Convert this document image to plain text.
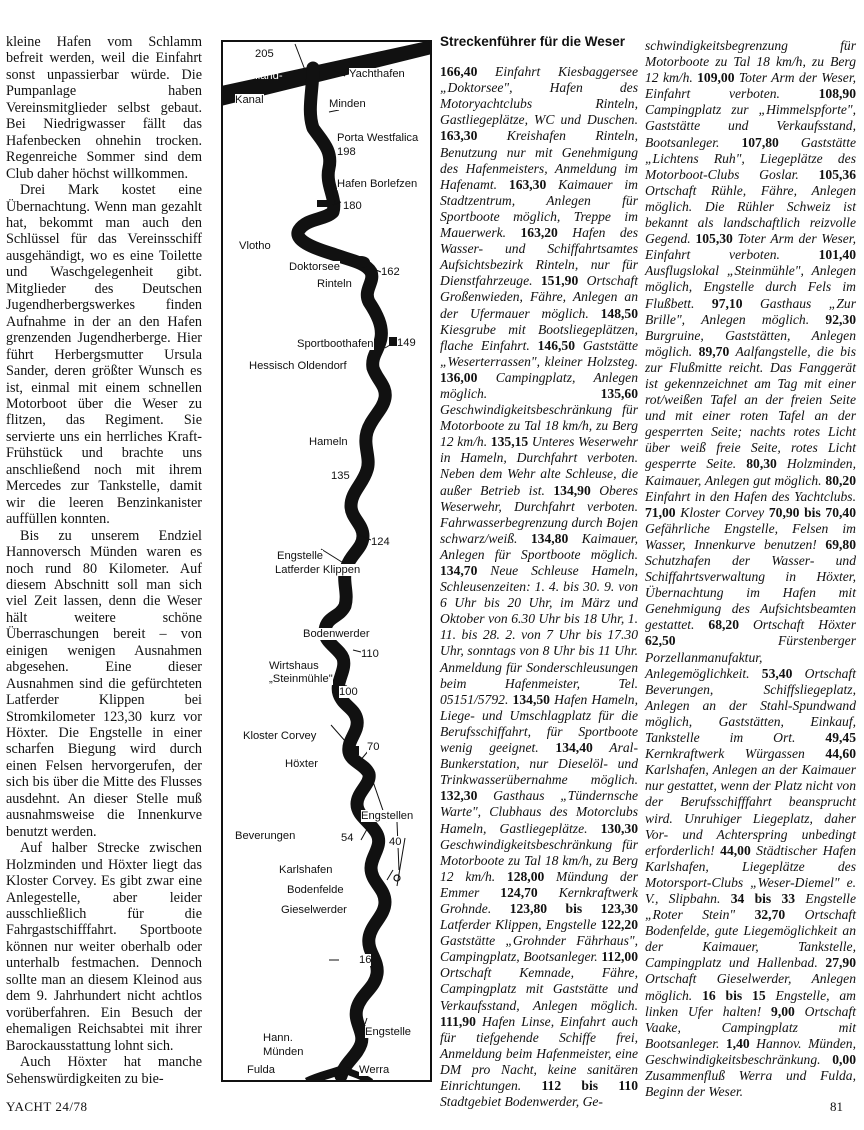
kleine Hafen vom Schlamm befreit werden, weil die Einfahrt sonst unpassierbar würde. Die Pumpanlage haben Vereinsmitglieder selbst gebaut. Bei Niedrigwasser fällt das Hafenbecken ohnehin trocken. Regenreiche Sommer sind dem Club daher höchst willkommen.

Drei Mark kostet eine Übernachtung. Wenn man gezahlt hat, bekommt man auch den Schlüssel für das Vereinsschiff ausgehändigt, wo es eine Toilette und Waschgelegenheit gibt. Mitglieder des Deutschen Jugendherbergswerkes finden Aufnahme in der an den Hafen grenzenden Jugendherberge. Hier führt Herbergsmutter Ursula Sander, deren größter Wunsch es ist, einmal mit einem schnellen Motorboot über die Weser zu flitzen, das Regiment. Sie servierte uns ein herrliches Kraft-Frühstück und brachte uns anschließend noch mit ihrem Mercedes zur Tankstelle, damit wir die leeren Benzinkanister auffüllen konnten.

Bis zu unserem Endziel Hannoversch Münden waren es noch rund 80 Kilometer. Auf diesem Abschnitt soll man sich viel Zeit lassen, denn die Weser hält weitere schöne Überraschungen bereit – von einigen wenigen Ausnahmen abgesehen. Eine dieser Ausnahmen sind die gefürchteten Latferder Klippen bei Stromkilometer 123,30 kurz vor Höxter. Die Engstelle in einer scharfen Biegung wird durch einen Felsen hervorgerufen, der sich bis über die Mitte des Flusses ausdehnt. An dieser Stelle muß ausnahmsweise die Innenkurve benutzt werden.

Auf halber Strecke zwischen Holzminden und Höxter liegt das Kloster Corvey. Es gibt zwar eine Anlegestelle, aber leider ausschließlich für die Fahrgastschifffahrt. Sportboote können nur weiter oberhalb oder unterhalb festmachen. Dennoch sollte man an diesem Kleinod aus dem 9. Jahrhundert nicht achtlos vorüberfahren. Ein Besuch der ehemaligen Reichsabtei mit ihrer Barockausstattung lohnt sich.

Auch Höxter hat manche Sehenswürdigkeiten zu bie-

205
Mittelland-
Kanal
Yachthafen
Minden
Porta Westfalica
198
Hafen Borlefzen
180
Vlotho
Doktorsee	162
Rinteln
Sportboothafen 149
Hessisch Oldendorf
Hameln
135
124
Engstelle
Latferder Klippen
Bodenwerder
110
Wirtshaus
„Steinmühle"
100
Kloster Corvey
70
Höxter
Engstellen
Beverungen	54	40
Karlshafen
Bodenfelde
Gieselwerder
16
Engstelle
Hann.
Münden
Fulda	Werra
Streckenführer für die Weser
166,40 Einfahrt Kiesbaggersee „Doktorsee", Hafen des Motoryachtclubs Rinteln, Gastliegeplätze, WC und Duschen. 163,30 Kreishafen Rinteln, Benutzung nur mit Genehmigung des Hafenmeisters, Anmeldung im Hafenamt. 163,30 Kaimauer im Stadtzentrum, Anlegen für Sportboote möglich, Treppe im Mauerwerk. 163,20 Hafen des Wasser- und Schiffahrtsamtes Aufsichtsbezirk Rinteln, nur für Dienstfahrzeuge. 151,90 Ortschaft Großenwieden, Fähre, Anlegen an der Ufermauer möglich. 148,50 Kiesgrube mit Bootsliegeplätzen, flache Einfahrt. 146,50 Gaststätte „Weserterrassen", kleiner Holzsteg. 136,00 Campingplatz, Anlegen möglich. 135,60 Geschwindigkeitsbeschränkung für Motorboote zu Tal 18 km/h, zu Berg 12 km/h. 135,15 Unteres Weserwehr in Hameln, Durchfahrt verboten. Neben dem Wehr alte Schleuse, die außer Betrieb ist. 134,90 Oberes Weserwehr, Durchfahrt verboten. Fahrwasserbegrenzung durch Bojen schwarz/weiß. 134,80 Kaimauer, Anlegen für Sportboote möglich. 134,70 Neue Schleuse Hameln, Schleusenzeiten: 1. 4. bis 30. 9. von 6 Uhr bis 20 Uhr, im März und Oktober von 6.30 Uhr bis 18 Uhr, 1. 11. bis 28. 2. von 7 Uhr bis 17.30 Uhr, sonntags von 8 Uhr bis 11 Uhr. Anmeldung für Sonderschleusungen beim Hafenmeister, Tel. 05151/5792. 134,50 Hafen Hameln, Liege- und Umschlagplatz für die Berufsschiffahrt, für Sportboote wenig geeignet. 134,40 Aral-Bunkerstation, nur Dieselöl- und Trinkwasserübernahme möglich. 132,30 Gasthaus „Tündernsche Warte", Clubhaus des Motorclubs Hameln, Gastliegeplätze. 130,30 Geschwindigkeitsbeschränkung für Motorboote zu Tal 18 km/h, zu Berg 12 km/h. 128,00 Mündung der Emmer 124,70 Kernkraftwerk Grohnde. 123,80 bis 123,30 Latferder Klippen, Engstelle 122,20 Gaststätte „Grohnder Fährhaus", Campingplatz, Bootsanleger. 112,00 Ortschaft Kemnade, Fähre, Campingplatz mit Gaststätte und Verkaufsstand, Anlegen möglich. 111,90 Hafen Linse, Einfahrt auch für tiefgehende Schiffe frei, Anmeldung beim Hafenmeister, eine DM pro Nacht, keine sanitären Einrichtungen. 112 bis 110 Stadtgebiet Bodenwerder, Ge-
schwindigkeitsbegrenzung für Motorboote zu Tal 18 km/h, zu Berg 12 km/h. 109,00 Toter Arm der Weser, Einfahrt verboten. 108,90 Campingplatz zur „Himmelspforte", Gaststätte und Verkaufsstand, Bootsanleger. 107,80 Gaststätte „Lichtens Ruh", Liegeplätze des Motorboot-Clubs Goslar. 105,36 Ortschaft Rühle, Fähre, Anlegen möglich. Die Rühler Schweiz ist bekannt als landschaftlich reizvolle Gegend. 105,30 Toter Arm der Weser, Einfahrt verboten. 101,40 Ausflugslokal „Steinmühle", Anlegen möglich, Engstelle durch Fels im Flußbett. 97,10 Gasthaus „Zur Brille", Anlegen möglich. 92,30 Burgruine, Gaststätten, Anlegen möglich. 89,70 Aalfangstelle, die bis zur Flußmitte reicht. Das Fanggerät ist gekennzeichnet am Tag mit einer rot/weißen Tafel an der freien Seite und mit einer roten Tafel an der gesperrten Seite; nachts rotes Licht über weiß freie Seite, rotes Licht gesperrte Seite. 80,30 Holzminden, Kaimauer, Anlegen gut möglich. 80,20 Einfahrt in den Hafen des Yachtclubs. 71,00 Kloster Corvey 70,90 bis 70,40 Gefährliche Engstelle, Felsen im Wasser, Innenkurve benutzen! 69,80 Schutzhafen der Wasser- und Schiffahrtsverwaltung in Höxter, Übernachtung im Hafen mit Genehmigung des Aufsichtsbeamten gestattet. 68,20 Ortschaft Höxter 62,50 Fürstenberger Porzellanmanufaktur, Anlegemöglichkeit. 53,40 Ortschaft Beverungen, Schiffsliegeplatz, Anlegen an der Stahl-Spundwand möglich, Gaststätten, Einkauf, Tankstelle im Ort. 49,45 Kernkraftwerk Würgassen 44,60 Karlshafen, Anlegen an der Kaimauer nur gestattet, wenn der Platz nicht von der Berufsschifffahrt beansprucht wird. Unruhiger Liegeplatz, daher Vor- und Achterspring unbedingt erforderlich! 44,00 Städtischer Hafen Karlshafen, Liegeplätze des Motorsport-Clubs „Weser-Diemel" e. V., Slipbahn. 34 bis 33 Engstelle „Roter Stein" 32,70 Ortschaft Bodenfelde, gute Liegemöglichkeit an der Kaimauer, Tankstelle, Campingplatz und Hallenbad. 27,90 Ortschaft Gieselwerder, Anlegen möglich. 16 bis 15 Engstelle, am linken Ufer halten! 9,00 Ortschaft Vaake, Campingplatz mit Bootsanleger. 1,40 Hannov. Münden, Geschwindigkeitsbeschränkung. 0,00 Zusammenfluß Werra und Fulda, Beginn der Weser.
YACHT 24/78	81
